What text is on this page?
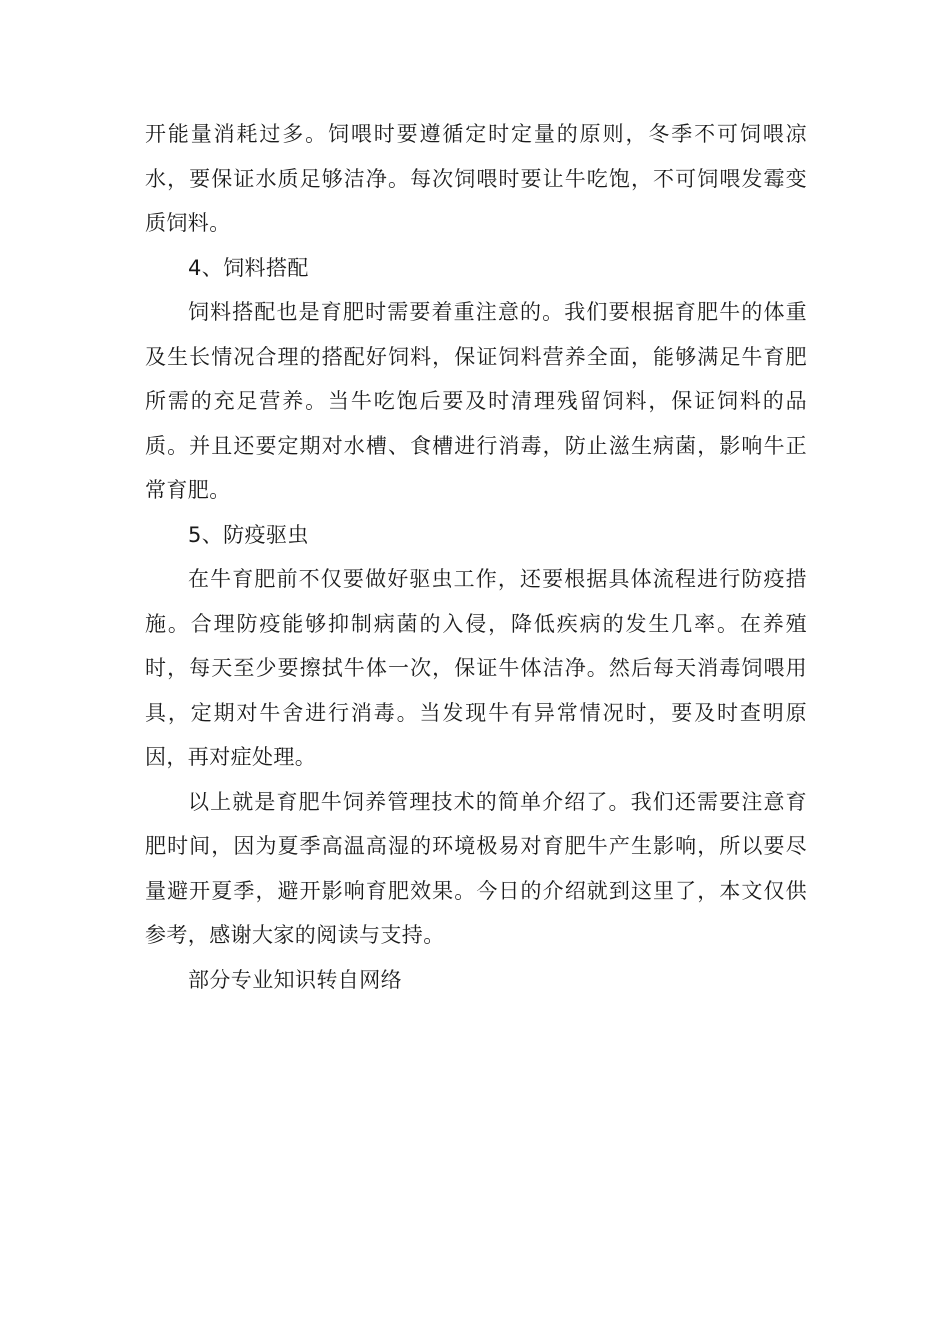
开能量消耗过多。饲喂时要遵循定时定量的原则，冬季不可饲喂凉水，要保证水质足够洁净。每次饲喂时要让牛吃饱，不可饲喂发霉变质饲料。

4、饲料搭配

饲料搭配也是育肥时需要着重注意的。我们要根据育肥牛的体重及生长情况合理的搭配好饲料，保证饲料营养全面，能够满足牛育肥所需的充足营养。当牛吃饱后要及时清理残留饲料，保证饲料的品质。并且还要定期对水槽、食槽进行消毒，防止滋生病菌，影响牛正常育肥。

5、防疫驱虫

在牛育肥前不仅要做好驱虫工作，还要根据具体流程进行防疫措施。合理防疫能够抑制病菌的入侵，降低疾病的发生几率。在养殖时，每天至少要擦拭牛体一次，保证牛体洁净。然后每天消毒饲喂用具，定期对牛舍进行消毒。当发现牛有异常情况时，要及时查明原因，再对症处理。

以上就是育肥牛饲养管理技术的简单介绍了。我们还需要注意育肥时间，因为夏季高温高湿的环境极易对育肥牛产生影响，所以要尽量避开夏季，避开影响育肥效果。今日的介绍就到这里了，本文仅供参考，感谢大家的阅读与支持。

部分专业知识转自网络
